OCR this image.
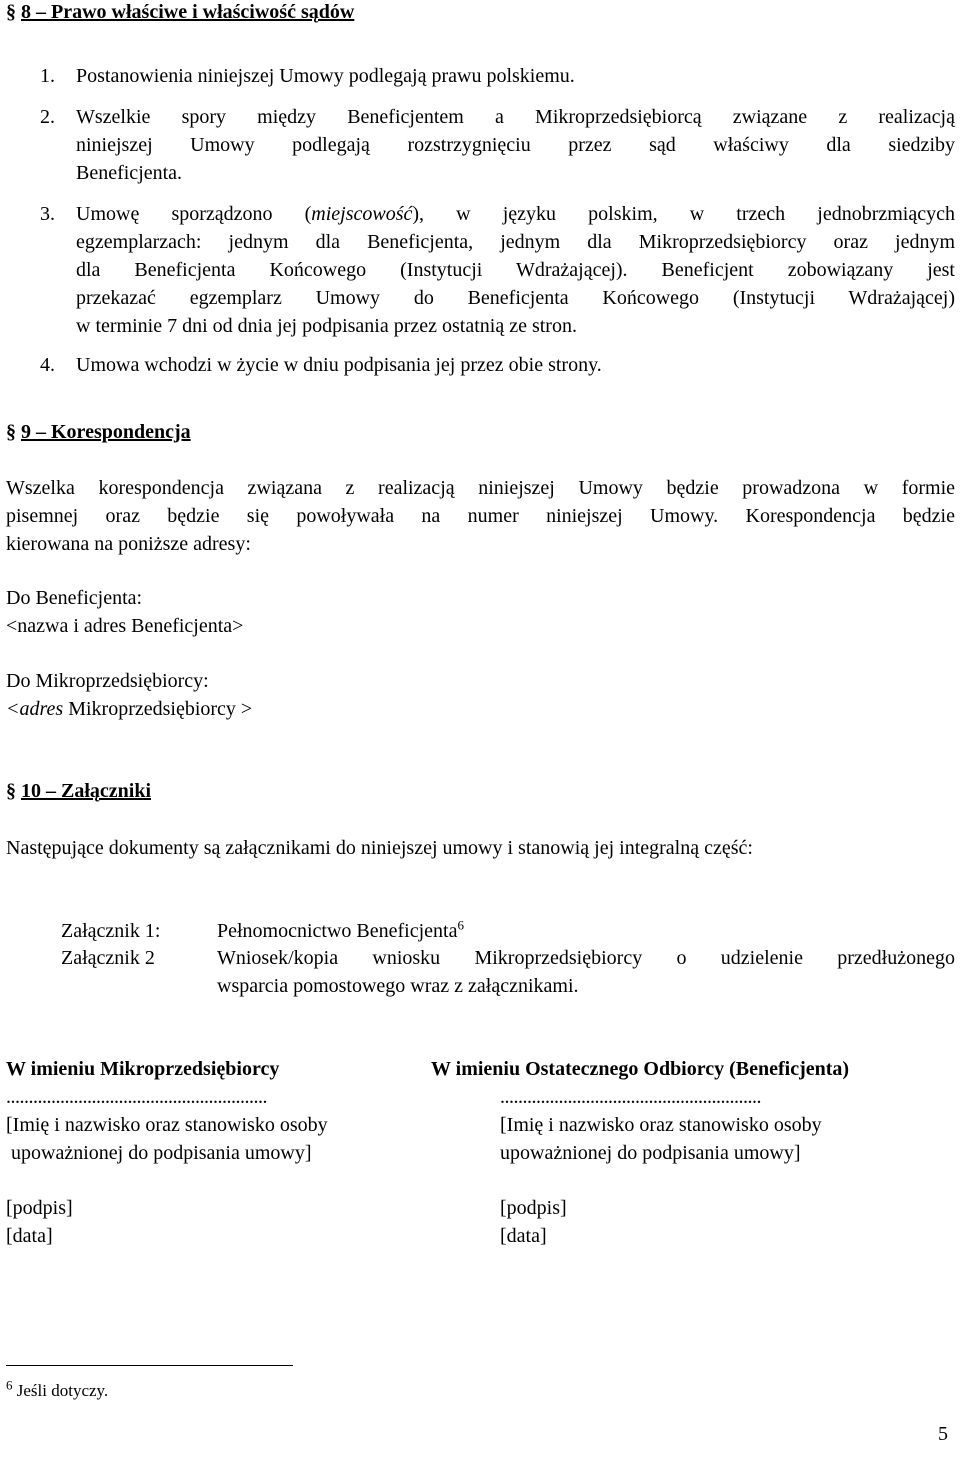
§ 8 – Prawo właściwe i właściwość sądów
1. Postanowienia niniejszej Umowy podlegają prawu polskiemu.
2. Wszelkie spory między Beneficjentem a Mikroprzedsiębiorcą związane z realizacją
niniejszej Umowy podlegają rozstrzygnięciu przez sąd właściwy dla siedziby
Beneficjenta.
3. Umowę sporządzono (miejscowość), w języku polskim, w trzech jednobrzmiących
egzemplarzach: jednym dla Beneficjenta, jednym dla Mikroprzedsiębiorcy oraz jednym
dla Beneficjenta Końcowego (Instytucji Wdrażającej). Beneficjent zobowiązany jest
przekazać egzemplarz Umowy do Beneficjenta Końcowego (Instytucji Wdrażającej)
w terminie 7 dni od dnia jej podpisania przez ostatnią ze stron.
4. Umowa wchodzi w życie w dniu podpisania jej przez obie strony.
§ 9 – Korespondencja
Wszelka korespondencja związana z realizacją niniejszej Umowy będzie prowadzona w formie
pisemnej oraz będzie się powoływała na numer niniejszej Umowy. Korespondencja będzie
kierowana na poniższe adresy:
Do Beneficjenta:
<nazwa i adres Beneficjenta>
Do Mikroprzedsiębiorcy:
<adres Mikroprzedsiębiorcy >
§ 10 – Załączniki
Następujące dokumenty są załącznikami do niniejszej umowy i stanowią jej integralną część:
Załącznik 1:	Pełnomocnictwo Beneficjenta$^6$
Załącznik 2	Wniosek/kopia wniosku Mikroprzedsiębiorcy o udzielenie przedłużonego
wsparcia pomostowego wraz z załącznikami.
W imieniu Mikroprzedsiębiorcy
..........................................................
[Imię i nazwisko oraz stanowisko osoby
upoważnionej do podpisania umowy]
[podpis]
[data]
W imieniu Ostatecznego Odbiorcy (Beneficjenta)
..........................................................
[Imię i nazwisko oraz stanowisko osoby
upoważnionej do podpisania umowy]
[podpis]
[data]
$^6$ Jeśli dotyczy.
5
